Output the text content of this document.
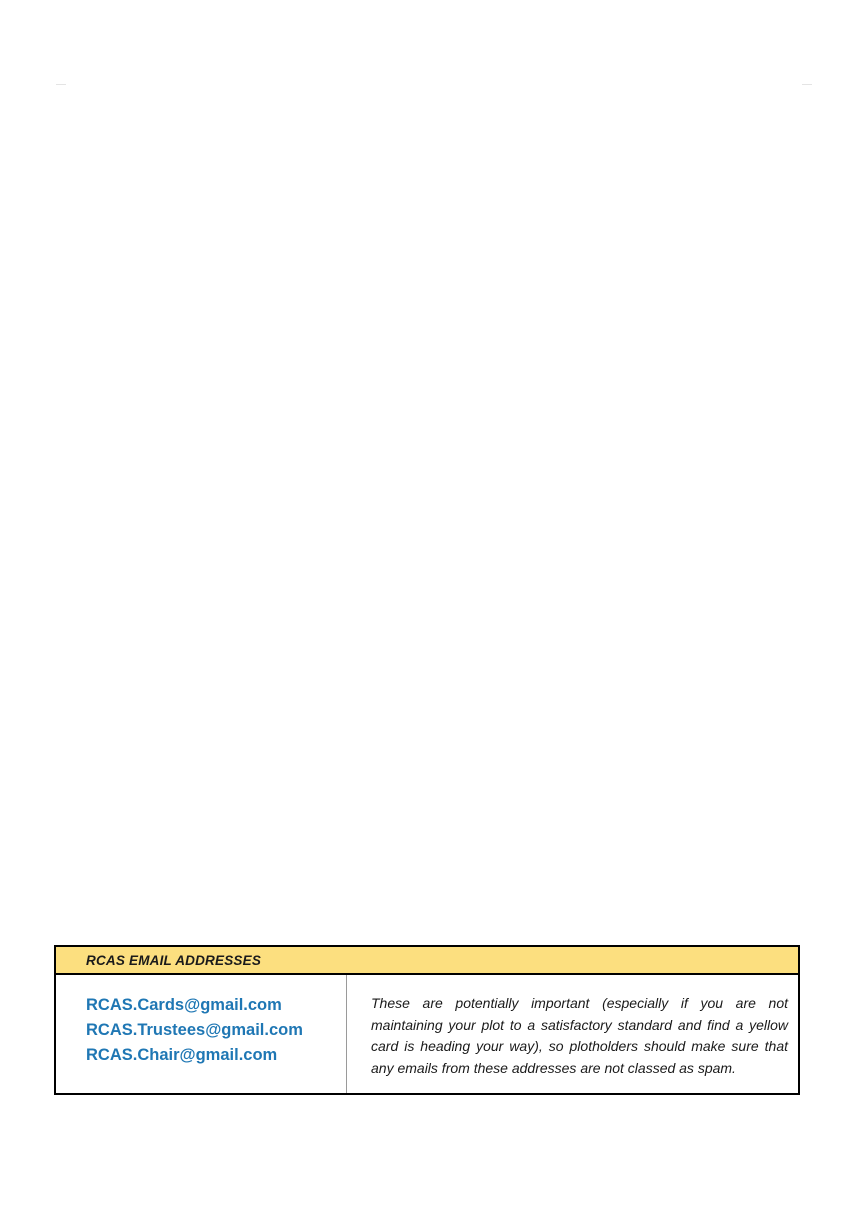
RCAS EMAIL ADDRESSES
RCAS.Cards@gmail.com
RCAS.Trustees@gmail.com
RCAS.Chair@gmail.com

These are potentially important (especially if you are not maintaining your plot to a satisfactory standard and find a yellow card is heading your way), so plotholders should make sure that any emails from these addresses are not classed as spam.
